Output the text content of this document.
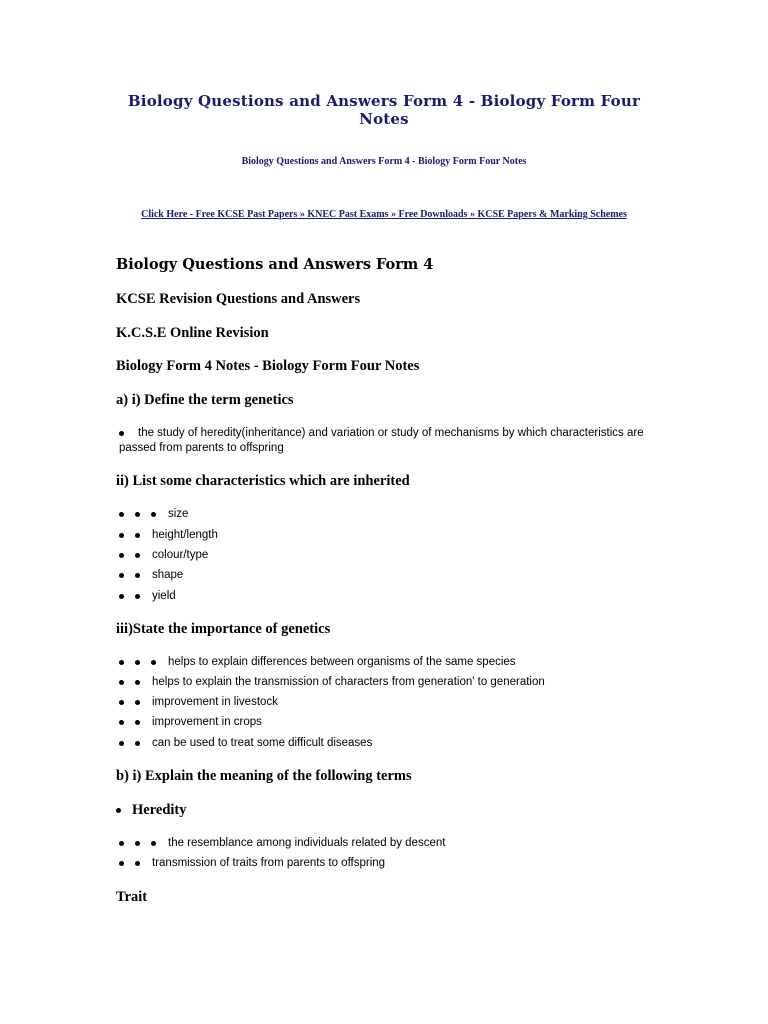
Biology Questions and Answers Form 4 - Biology Form Four Notes

Biology Questions and Answers Form 4 - Biology Form Four Notes

Click Here - Free KCSE Past Papers » KNEC Past Exams » Free Downloads » KCSE Papers & Marking Schemes

Biology Questions and Answers Form 4
KCSE Revision Questions and Answers
K.C.S.E Online Revision
Biology Form 4 Notes - Biology Form Four Notes
a) i) Define the term genetics
the study of heredity(inheritance) and variation or study of mechanisms by which characteristics are passed from parents to offspring
ii) List some characteristics which are inherited
size
height/length
colour/type
shape
yield
iii)State the importance of genetics
helps to explain differences between organisms of the same species
helps to explain the transmission of characters from generation' to generation
improvement in livestock
improvement in crops
can be used to treat some difficult diseases
b) i) Explain the meaning of the following terms
Heredity
the resemblance among individuals related by descent
transmission of traits from parents to offspring
Trait
